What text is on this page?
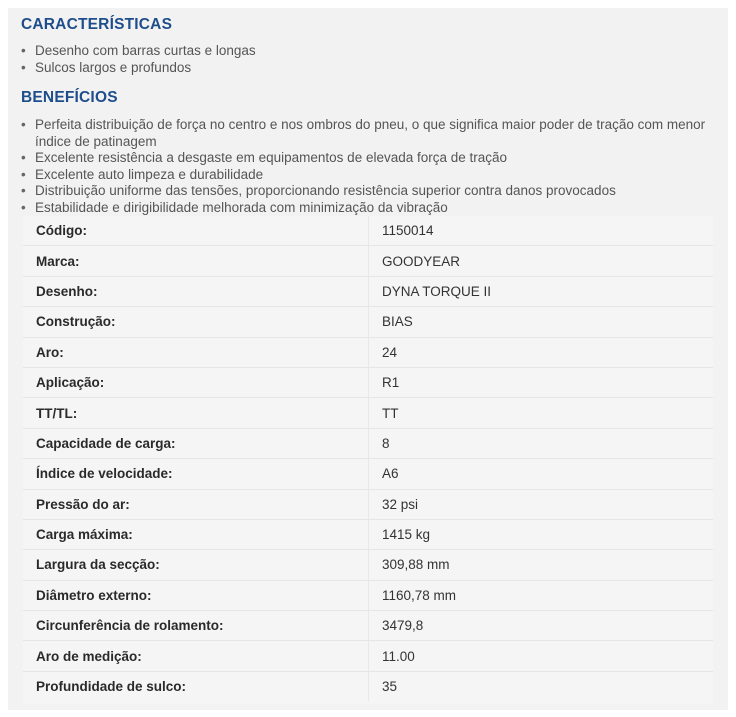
CARACTERÍSTICAS
• Desenho com barras curtas e longas
• Sulcos largos e profundos
BENEFÍCIOS
• Perfeita distribuição de força no centro e nos ombros do pneu, o que significa maior poder de tração com menor índice de patinagem
• Excelente resistência a desgaste em equipamentos de elevada força de tração
• Excelente auto limpeza e durabilidade
• Distribuição uniforme das tensões, proporcionando resistência superior contra danos provocados
• Estabilidade e dirigibilidade melhorada com minimização da vibração
Código:	1150014
Marca:	GOODYEAR
Desenho:	DYNA TORQUE II
Construção:	BIAS
Aro:	24
Aplicação:	R1
TT/TL:	TT
Capacidade de carga:	8
Índice de velocidade:	A6
Pressão do ar:	32 psi
Carga máxima:	1415 kg
Largura da secção:	309,88 mm
Diâmetro externo:	1160,78 mm
Circunferência de rolamento:	3479,8
Aro de medição:	11.00
Profundidade de sulco:	35
